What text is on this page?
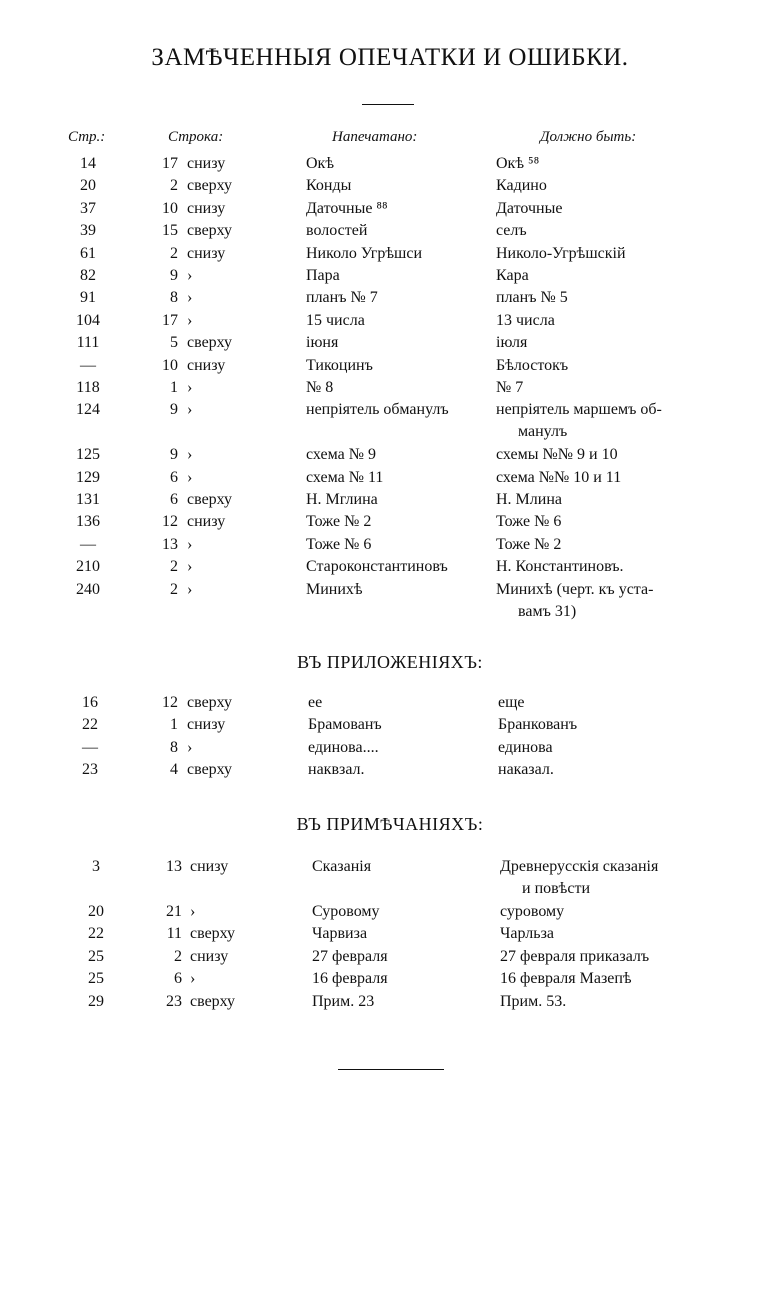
ЗАМѢЧЕННЫЯ ОПЕЧАТКИ И ОШИБКИ.
Стр.:	Строка:	Напечатано:	Должно быть:
14	17 снизу	Окѣ	Окѣ ⁵⁸
20	2 сверху	Конды	Кадино
37	10 снизу	Даточные ⁸⁸	Даточные
39	15 сверху	волостей	селъ
61	2 снизу	Николо Угрѣшси	Николо-Угрѣшскій
82	9 ›	Пара	Кара
91	8 ›	планъ № 7	планъ № 5
104	17 ›	15 числа	13 числа
111	5 сверху	іюня	іюля
—	10 снизу	Тикоцинъ	Бѣлостокъ
118	1 ›	№ 8	№ 7
124	9 ›	непріятель обманулъ	непріятель маршемъ об-
манулъ
125	9 ›	схема № 9	схемы №№ 9 и 10
129	6 ›	схема № 11	схема №№ 10 и 11
131	6 сверху	Н. Мглина	Н. Млина
136	12 снизу	Тоже № 2	Тоже № 6
—	13 ›	Тоже № 6	Тоже № 2
210	2 ›	Староконстантиновъ	Н. Константиновъ.
240	2 ›	Минихѣ	Минихѣ (черт. къ уста-
вамъ 31)
ВЪ ПРИЛОЖЕНІЯХЪ:
16	12 сверху	ее	еще
22	1 снизу	Брамованъ	Бранкованъ
—	8 ›	единова....	единова
23	4 сверху	наквзал.	наказал.
ВЪ ПРИМѢЧАНІЯХЪ:
3	13 снизу	Сказанія	Древнерусскія сказанія
и повѣсти
20	21 ›	Суровому	суровому
22	11 сверху	Чарвиза	Чарльза
25	2 снизу	27 февраля	27 февраля приказалъ
25	6 ›	16 февраля	16 февраля Мазепѣ
29	23 сверху	Прим. 23	Прим. 53.
